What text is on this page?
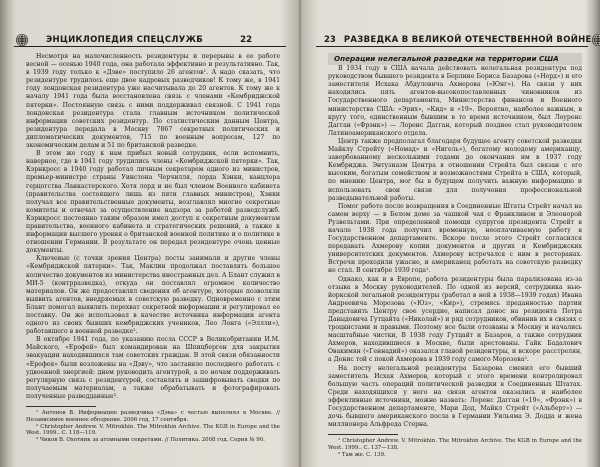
ЭНЦИКЛОПЕДИЯ СПЕЦСЛУЖБ	22

Несмотря на малочисленность резидентуры и перерывы в ее работе весной — осенью 1940 года, она работала эффективно и результативно. Так, в 1939 году только к «Дэве» поступило 26 агентов¹. А надо сказать, что резидентуре трудилось еще двое кадровых разведчиков! К тому же, в 1941 году лондонская резидентура уже насчитывала до 20 агентов. К тому же к началу 1941 года была восстановлена связь с членами «Кембриджской пятерки». Постоянную связь с ними поддерживал связной. С 1941 года лондонская резидентура стала главным источником политической информации советских резидентур. По статистическим данным Центра, резидентура передала в Москву 7867 секретных политических и дипломатических документов, 715 по военным вопросам, 127 по экономическим делам и 51 по британской разведке.

В этом же году к нам прибыл новый сотрудник, если вспомнить, наверное, где в 1941 году трудились члены «Кембриджской пятерки». Так, Кэрнкросс в 1940 году работал личным секретарем одного из министров, премьер-министре страны Уинстона Черчилля, лорда Хэнки, канцлера герцогства Ланкастерского. Хотя лорд и не был членом Военного кабинета (правительства состоящего лишь из пяти главных министров), Хэнки получал все правительственные документы, возглавлял многие секретные комитеты и отвечал за осуществление надзора за работой разведслужб. Кэрнкросс постоянно таким образом имел доступ к секретным документам правительства, военного кабинета и стратегических решений, а также к информации высшего уровня о британской военной политике и о политике в отношении Германии. В результате он передал резидентуре очень ценные документы.

Ключевые (с точки зрения Центра) посты занимали и другие члены «Кембриджской пятерки». Так, Маклин продолжал поставлять большое количество документов из министерства иностранных дел. А Блант служил в МИ-5 (контрразведка), откуда он поставлял огромное количество материалов. Он же предоставлял сведения об агентуре, которые позволяли выявить агентов, внедряемых в советскую разведку. Одновременно с этим Блант помогал выявлять перехват секретной информации и регулировал ее поставку. Он же использовал в качестве источника информации агента одного из своих бывших кембриджских учеников, Лео Лонга («Эллли»), работавшего в военной разведке².

В октябре 1941 года, по указанию посла СССР в Великобритании И.М. Майского, «Ерофей» был командирован на Шпицберген для закрытия эвакуации находившихся там советских граждан. В этой связи обязанности «Ерофея» были возложены на «Дэву», что заставило последнего работать с удвоенной энергией: днем руководить агентурой, а по ночам поддерживать регулярную связь с резидентурой, составлять и зашифровывать сводки по получаемым материалам, а также обрабатывать и фотографировать полученные разведданные³.

¹ Антонов В. Информацию разведчика «Дэва» с честью выполнял в Москве. // Независимое военное обозрение. 2006 год, 17 сентября.

² Christopher Andrew. V. Mitrokhin. The Mitrokhin Archive. The KGB in Europe and the West. 1999.. С. 118—119.

³ Чиков В. Охотник за атомными секретами. // Политика. 2008 год. Серия № 90.

23 РАЗВЕДКА В ВЕЛИКОЙ ОТЕЧЕСТВЕННОЙ ВОЙНЕ

Операции нелегальной разведки на территории США

В 1934 году в США начала действовать нелегальная резидентура под руководством бывшего резидента в Берлине Бориса Базарова («Норд») и его заместителя Исхака Абдуловича Ахмерова («Юнг»). На связи у них находились пять агентов-высокопоставленных чиновников из Государственного департамента, Министерства финансов и Военного министерства США: «Эрих», «Кид» и «19». Вероятно, наиболее важным, в кругу того, единственным бывшим в то время источником, был Лоуренс Дагган («Фрэнк») — Лоренс Дагган, который позднее стал руководителем Латиноамериканского отдела.

Центр также предполагал благодаря будущее агенту советской разведки Майклу Стрейту («Номад» и «Нигель»), богатому молодому американцу, завербованному несколькими годами до окончания им в 1937 году Кембриджа. Энтузиазм Центра в отношении Стрейта был связан с его высоким, богатым семейством и возможностями Стрейта в США, который, по мнению Центра, мог бы в будущем получить важную информацию и использовать свои связи для получения профессиональной разведывательной работы.

Помог работе после возвращения в Соединенные Штаты Стрейт начал на самом верху — в Белом доме за чашкой чая с Франклином и Элеонорой Рузвельтами. При определенной помощи супругов президента Стрейт в начале 1938 года получил временную, неоплачиваемую работу в Государственном департаменте. Вскоре после этого Стрейт согласился передавать Ахмерову копии документов и других и Кембриджских университетских документов. Ахмерову встречался с ним в ресторанах. Встречи проходили ужасно, и американец работать на советскую разведку не стал. В сентябре 1939 года¹.

Однако, как и в Европе, работа резидентуры была парализована из-за отзыва в Москву руководителей. По одной из версий, сотрудника нью-йоркской легальной резидентуры (работал в ней в 1938—1939 годах) Ивана Андреевича Морозова («Юз», «Кир»), стремясь преданностью партии представить Центру свое усердие, написал донос на резидента Петра Давыдовича Гутцайта («Николай») и ряд сотрудников, обвинив их в связях с троцкистами и правыми. Поэтому все были отозваны в Москву и начались масштабные чистки, В 1938 году Гутцайт и Базаров, а также сотрудник Ахмеров, находившиеся в Москве, были арестованы. Гайк Бадалович Овакимян («Геннадий») оказался главой резидентуры, и вскоре расстрелян, а Денис той с покой Ахмерова в 1939 году самого Морозова².

На посту нелегальной резидентура Базарова сменил его бывший заместитель Исхак Ахмеров, который с этого времени контролировал большую часть операций политической разведки в Соединенных Штатах. Среди находящихся у него на связи агентов оказались и наиболее эффективные источники, можно назвать: Лоренс Дагган («19», «Фрэнк») в Государственном департаменте, Мари Дод, Майкл Стрейт («Альберт») — дочь бывшего американского посла в Германии Уильяма Э. Додда и жена миллионера Альфреда Стерна.

¹ Christopher Andrew. V. Mitrokhin. The Mitrokhin Archive. The KGB in Europe and the West. 1999.. С. 137—138.

² Там же. С. 139.
